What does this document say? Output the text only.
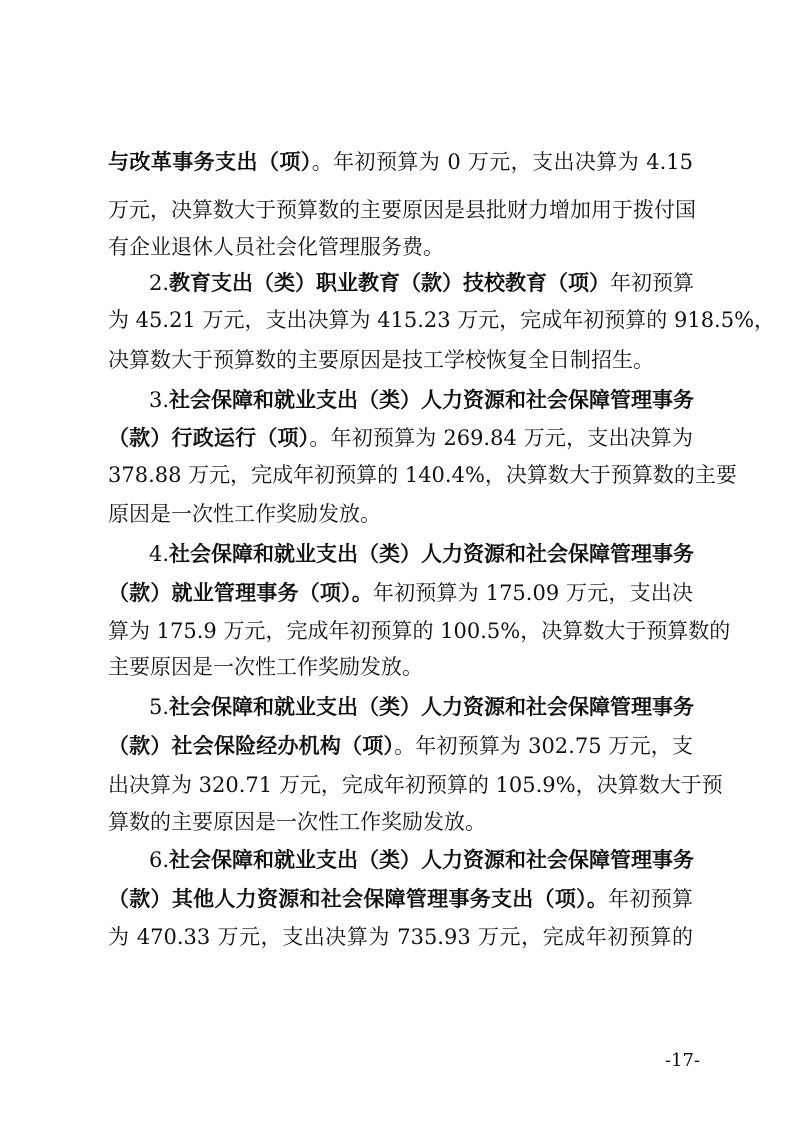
与改革事务支出（项）。年初预算为 0 万元，支出决算为 4.15
万元，决算数大于预算数的主要原因是县批财力增加用于拨付国
有企业退休人员社会化管理服务费。
2.教育支出（类）职业教育（款）技校教育（项）年初预算
为 45.21 万元，支出决算为 415.23 万元，完成年初预算的 918.5%，
决算数大于预算数的主要原因是技工学校恢复全日制招生。
3.社会保障和就业支出（类）人力资源和社会保障管理事务
（款）行政运行（项）。年初预算为 269.84 万元，支出决算为
378.88 万元，完成年初预算的 140.4%，决算数大于预算数的主要
原因是一次性工作奖励发放。
4.社会保障和就业支出（类）人力资源和社会保障管理事务
（款）就业管理事务（项）。年初预算为 175.09 万元，支出决
算为 175.9 万元，完成年初预算的 100.5%，决算数大于预算数的
主要原因是一次性工作奖励发放。
5.社会保障和就业支出（类）人力资源和社会保障管理事务
（款）社会保险经办机构（项）。年初预算为 302.75 万元，支
出决算为 320.71 万元，完成年初预算的 105.9%，决算数大于预
算数的主要原因是一次性工作奖励发放。
6.社会保障和就业支出（类）人力资源和社会保障管理事务
（款）其他人力资源和社会保障管理事务支出（项）。年初预算
为 470.33 万元，支出决算为 735.93 万元，完成年初预算的
-17-
